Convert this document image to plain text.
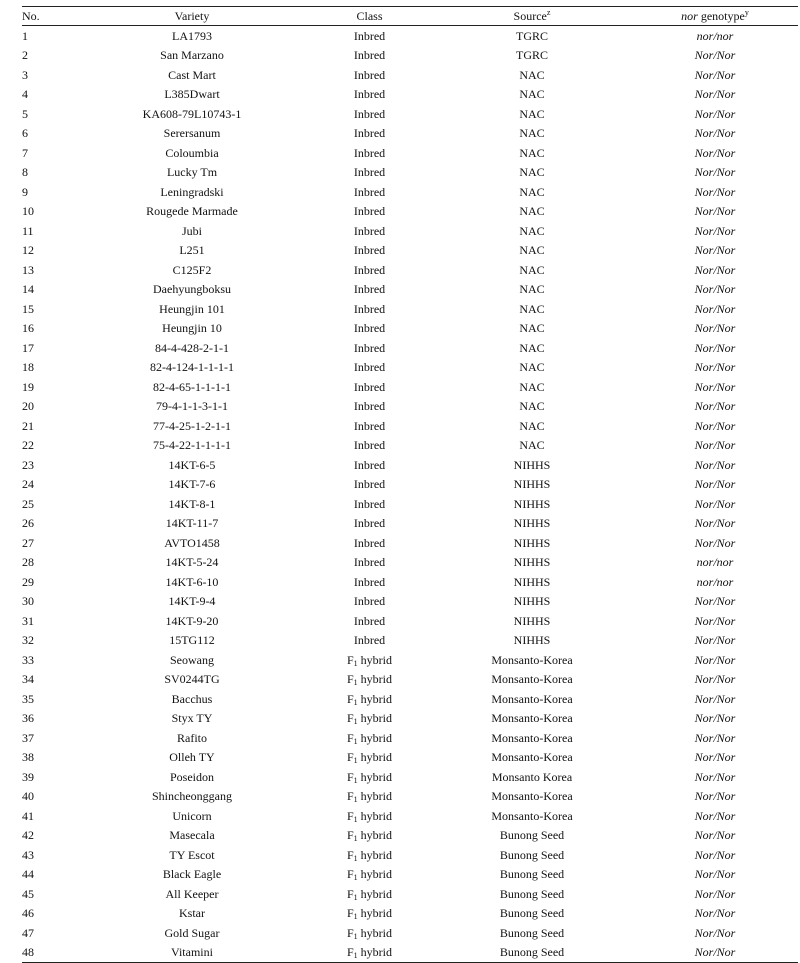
No.	Variety	Class	Source$^z$	nor genotype$^y$
1	LA1793	Inbred	TGRC	nor/nor
2	San Marzano	Inbred	TGRC	Nor/Nor
3	Cast Mart	Inbred	NAC	Nor/Nor
4	L385Dwart	Inbred	NAC	Nor/Nor
5	KA608-79L10743-1	Inbred	NAC	Nor/Nor
6	Serersanum	Inbred	NAC	Nor/Nor
7	Coloumbia	Inbred	NAC	Nor/Nor
8	Lucky Tm	Inbred	NAC	Nor/Nor
9	Leningradski	Inbred	NAC	Nor/Nor
10	Rougede Marmade	Inbred	NAC	Nor/Nor
11	Jubi	Inbred	NAC	Nor/Nor
12	L251	Inbred	NAC	Nor/Nor
13	C125F2	Inbred	NAC	Nor/Nor
14	Daehyungboksu	Inbred	NAC	Nor/Nor
15	Heungjin 101	Inbred	NAC	Nor/Nor
16	Heungjin 10	Inbred	NAC	Nor/Nor
17	84-4-428-2-1-1	Inbred	NAC	Nor/Nor
18	82-4-124-1-1-1-1	Inbred	NAC	Nor/Nor
19	82-4-65-1-1-1-1	Inbred	NAC	Nor/Nor
20	79-4-1-1-3-1-1	Inbred	NAC	Nor/Nor
21	77-4-25-1-2-1-1	Inbred	NAC	Nor/Nor
22	75-4-22-1-1-1-1	Inbred	NAC	Nor/Nor
23	14KT-6-5	Inbred	NIHHS	Nor/Nor
24	14KT-7-6	Inbred	NIHHS	Nor/Nor
25	14KT-8-1	Inbred	NIHHS	Nor/Nor
26	14KT-11-7	Inbred	NIHHS	Nor/Nor
27	AVTO1458	Inbred	NIHHS	Nor/Nor
28	14KT-5-24	Inbred	NIHHS	nor/nor
29	14KT-6-10	Inbred	NIHHS	nor/nor
30	14KT-9-4	Inbred	NIHHS	Nor/Nor
31	14KT-9-20	Inbred	NIHHS	Nor/Nor
32	15TG112	Inbred	NIHHS	Nor/Nor
33	Seowang	$F_1$ hybrid	Monsanto-Korea	Nor/Nor
34	SV0244TG	$F_1$ hybrid	Monsanto-Korea	Nor/Nor
35	Bacchus	$F_1$ hybrid	Monsanto-Korea	Nor/Nor
36	Styx TY	$F_1$ hybrid	Monsanto-Korea	Nor/Nor
37	Rafito	$F_1$ hybrid	Monsanto-Korea	Nor/Nor
38	Olleh TY	$F_1$ hybrid	Monsanto-Korea	Nor/Nor
39	Poseidon	$F_1$ hybrid	Monsanto Korea	Nor/Nor
40	Shincheonggang	$F_1$ hybrid	Monsanto-Korea	Nor/Nor
41	Unicorn	$F_1$ hybrid	Monsanto-Korea	Nor/Nor
42	Masecala	$F_1$ hybrid	Bunong Seed	Nor/Nor
43	TY Escot	$F_1$ hybrid	Bunong Seed	Nor/Nor
44	Black Eagle	$F_1$ hybrid	Bunong Seed	Nor/Nor
45	All Keeper	$F_1$ hybrid	Bunong Seed	Nor/Nor
46	Kstar	$F_1$ hybrid	Bunong Seed	Nor/Nor
47	Gold Sugar	$F_1$ hybrid	Bunong Seed	Nor/Nor
48	Vitamini	$F_1$ hybrid	Bunong Seed	Nor/Nor
